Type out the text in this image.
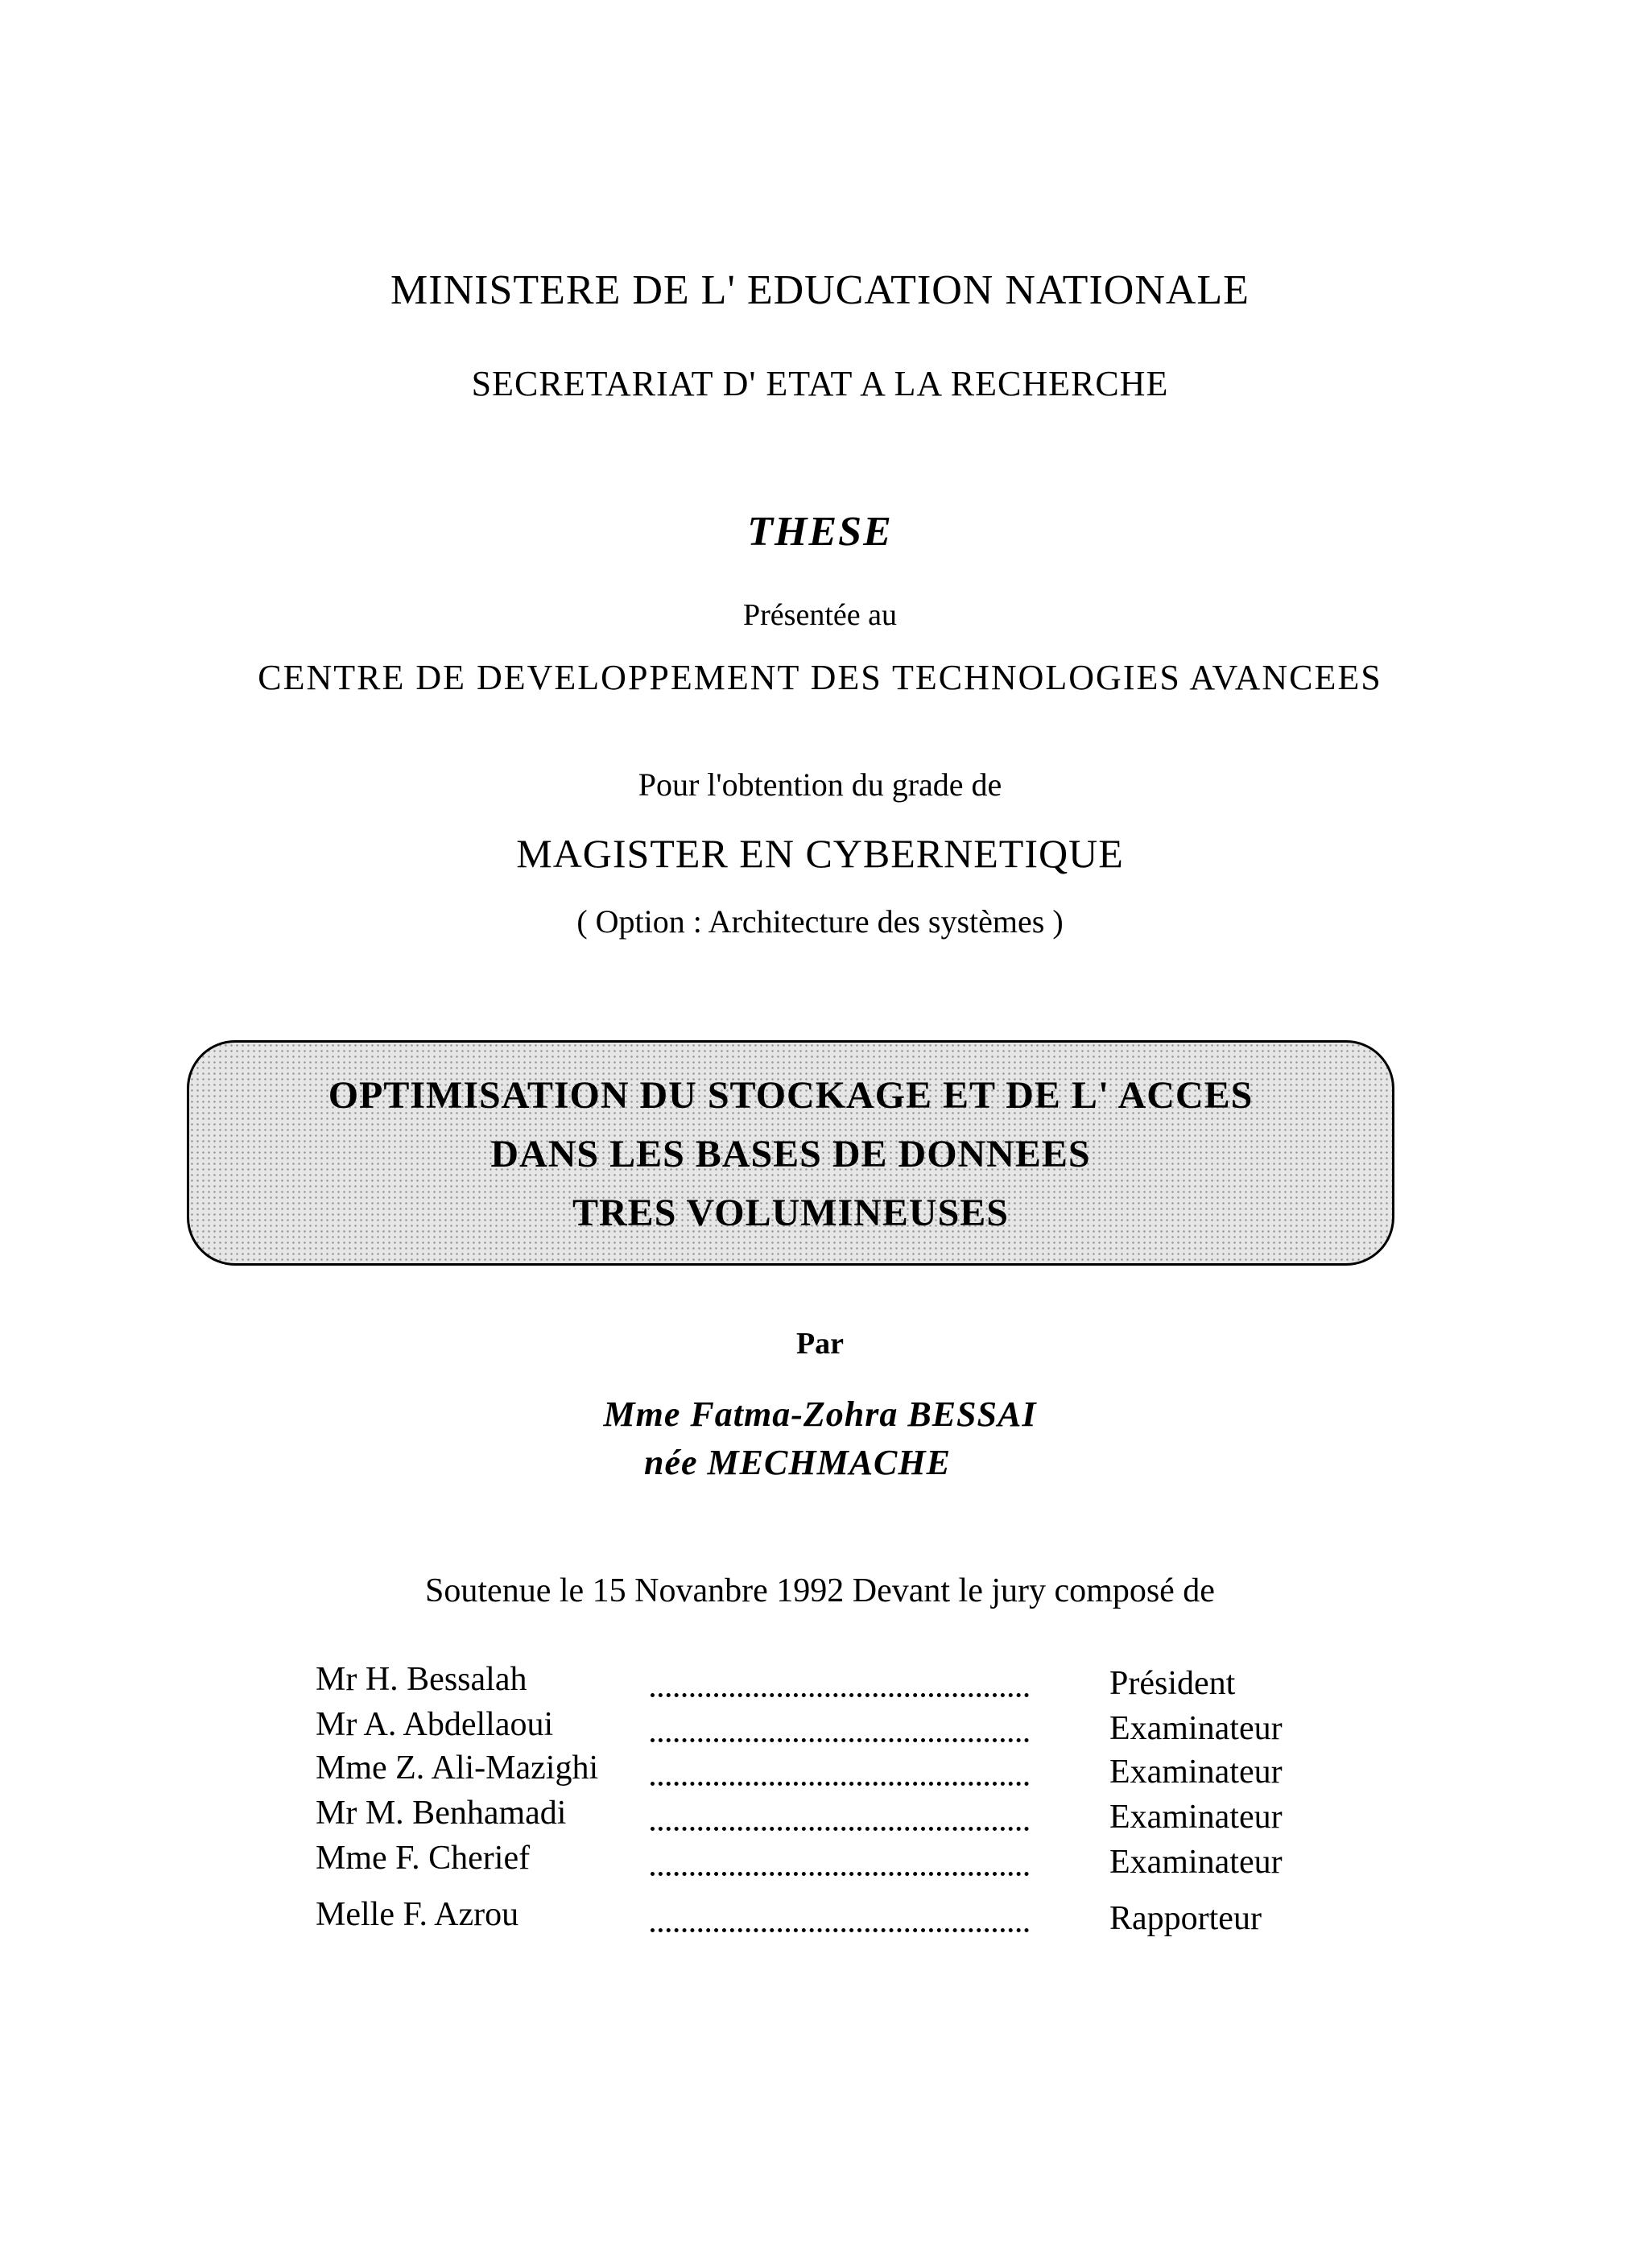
MINISTERE DE L' EDUCATION NATIONALE
SECRETARIAT D' ETAT A LA RECHERCHE
THESE
Présentée au
CENTRE DE DEVELOPPEMENT DES TECHNOLOGIES AVANCEES
Pour l'obtention du grade de
MAGISTER EN CYBERNETIQUE
( Option : Architecture des systèmes )
OPTIMISATION DU STOCKAGE ET DE L' ACCES
DANS LES BASES DE DONNEES
TRES VOLUMINEUSES
Par
Mme Fatma-Zohra BESSAI
née MECHMACHE
Soutenue le 15 Novanbre 1992 Devant le jury composé de
Mr H. Bessalah	Président
Mr A. Abdellaoui	Examinateur
Mme Z. Ali-Mazighi	Examinateur
Mr M. Benhamadi	Examinateur
Mme F. Cherief	Examinateur
Melle F. Azrou	Rapporteur
